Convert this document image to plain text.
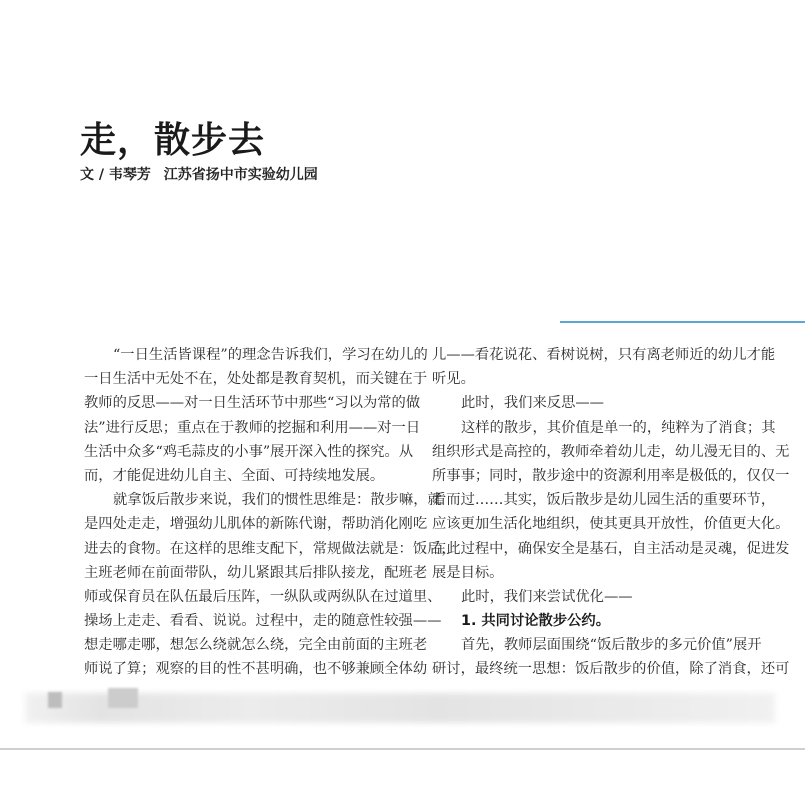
走，散步去
文 / 韦琴芳 江苏省扬中市实验幼儿园
“一日生活皆课程”的理念告诉我们，学习在幼儿的
一日生活中无处不在，处处都是教育契机，而关键在于
教师的反思——对一日生活环节中那些“习以为常的做
法”进行反思；重点在于教师的挖掘和利用——对一日
生活中众多“鸡毛蒜皮的小事”展开深入性的探究。从
而，才能促进幼儿自主、全面、可持续地发展。
就拿饭后散步来说，我们的惯性思维是：散步嘛，就
是四处走走，增强幼儿肌体的新陈代谢，帮助消化刚吃
进去的食物。在这样的思维支配下，常规做法就是：饭后，
主班老师在前面带队，幼儿紧跟其后排队接龙，配班老
师或保育员在队伍最后压阵，一纵队或两纵队在过道里、
操场上走走、看看、说说。过程中，走的随意性较强——
想走哪走哪，想怎么绕就怎么绕，完全由前面的主班老
师说了算；观察的目的性不甚明确，也不够兼顾全体幼
儿——看花说花、看树说树，只有离老师近的幼儿才能
听见。
此时，我们来反思——
这样的散步，其价值是单一的，纯粹为了消食；其
组织形式是高控的，教师牵着幼儿走，幼儿漫无目的、无
所事事；同时，散步途中的资源利用率是极低的，仅仅一
看而过……其实，饭后散步是幼儿园生活的重要环节，
应该更加生活化地组织，使其更具开放性，价值更大化。
在此过程中，确保安全是基石，自主活动是灵魂，促进发
展是目标。
此时，我们来尝试优化——
1. 共同讨论散步公约。
首先，教师层面围绕“饭后散步的多元价值”展开
研讨，最终统一思想：饭后散步的价值，除了消食，还可
